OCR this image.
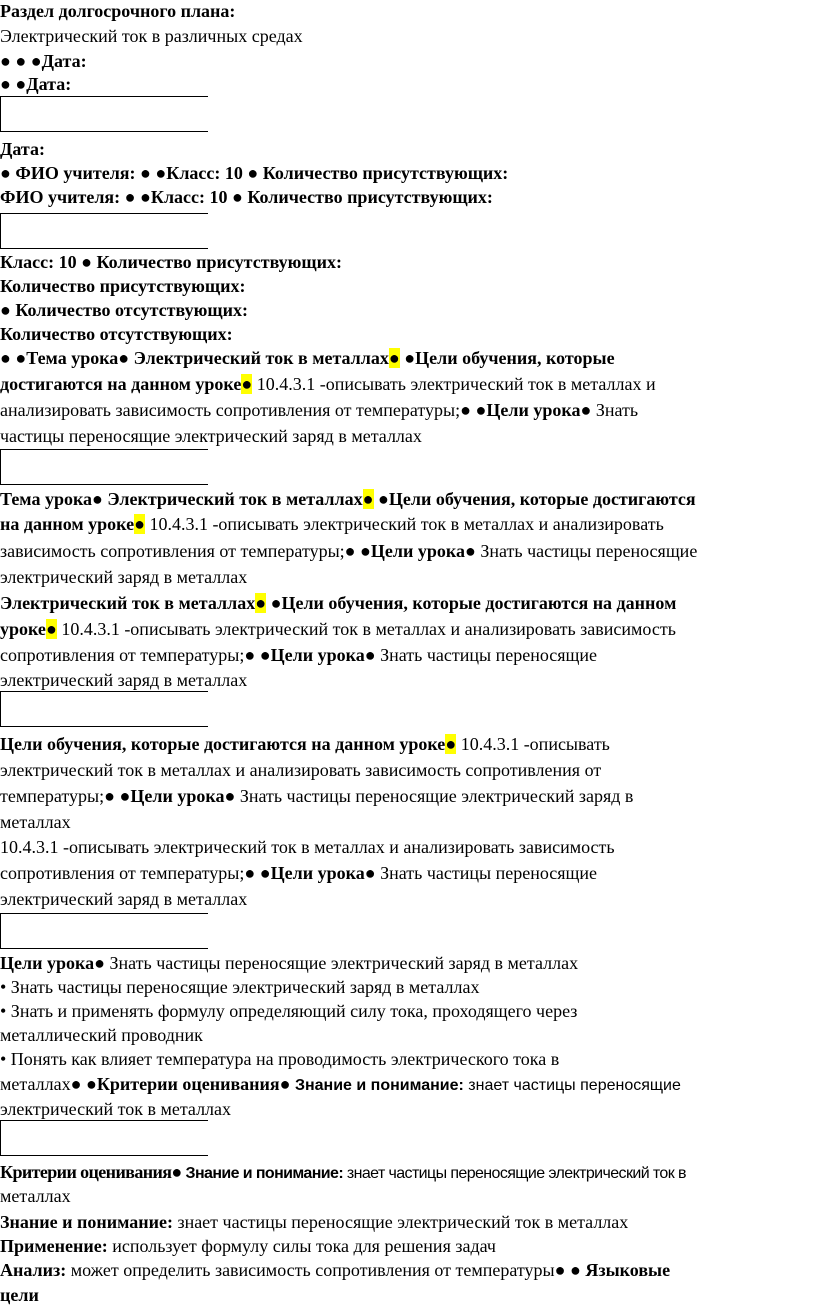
Раздел долгосрочного плана:
Электрический ток в различных средах
● ● ●Дата:
● ●Дата:
Дата:
● ФИО учителя: ● ●Класс: 10 ● Количество присутствующих:
ФИО учителя: ● ●Класс: 10 ● Количество присутствующих:
Класс: 10 ● Количество присутствующих:
Количество присутствующих:
● Количество отсутствующих:
Количество отсутствующих:
● ●Тема урока● Электрический ток в металлах● ●Цели обучения, которые
достигаются на данном уроке● 10.4.3.1 -описывать электрический ток в металлах и
анализировать зависимость сопротивления от температуры;● ●Цели урока● Знать
частицы переносящие электрический заряд в металлах
Тема урока● Электрический ток в металлах● ●Цели обучения, которые достигаются
на данном уроке● 10.4.3.1 -описывать электрический ток в металлах и анализировать
зависимость сопротивления от температуры;● ●Цели урока● Знать частицы переносящие
электрический заряд в металлах
Электрический ток в металлах● ●Цели обучения, которые достигаются на данном
уроке● 10.4.3.1 -описывать электрический ток в металлах и анализировать зависимость
сопротивления от температуры;● ●Цели урока● Знать частицы переносящие
электрический заряд в металлах
Цели обучения, которые достигаются на данном уроке● 10.4.3.1 -описывать
электрический ток в металлах и анализировать зависимость сопротивления от
температуры;● ●Цели урока● Знать частицы переносящие электрический заряд в
металлах
10.4.3.1 -описывать электрический ток в металлах и анализировать зависимость
сопротивления от температуры;● ●Цели урока● Знать частицы переносящие
электрический заряд в металлах
Цели урока● Знать частицы переносящие электрический заряд в металлах
• Знать частицы переносящие электрический заряд в металлах
• Знать и применять формулу определяющий силу тока, проходящего через
металлический проводник
• Понять как влияет температура на проводимость электрического тока в
металлах● ●Критерии оценивания● Знание и понимание: знает частицы переносящие
электрический ток в металлах
Критерии оценивания● Знание и понимание: знает частицы переносящие электрический ток в
металлах
Знание и понимание: знает частицы переносящие электрический ток в металлах
Применение: использует формулу силы тока для решения задач
Анализ: может определить зависимость сопротивления от температуры● ● Языковые
цели
